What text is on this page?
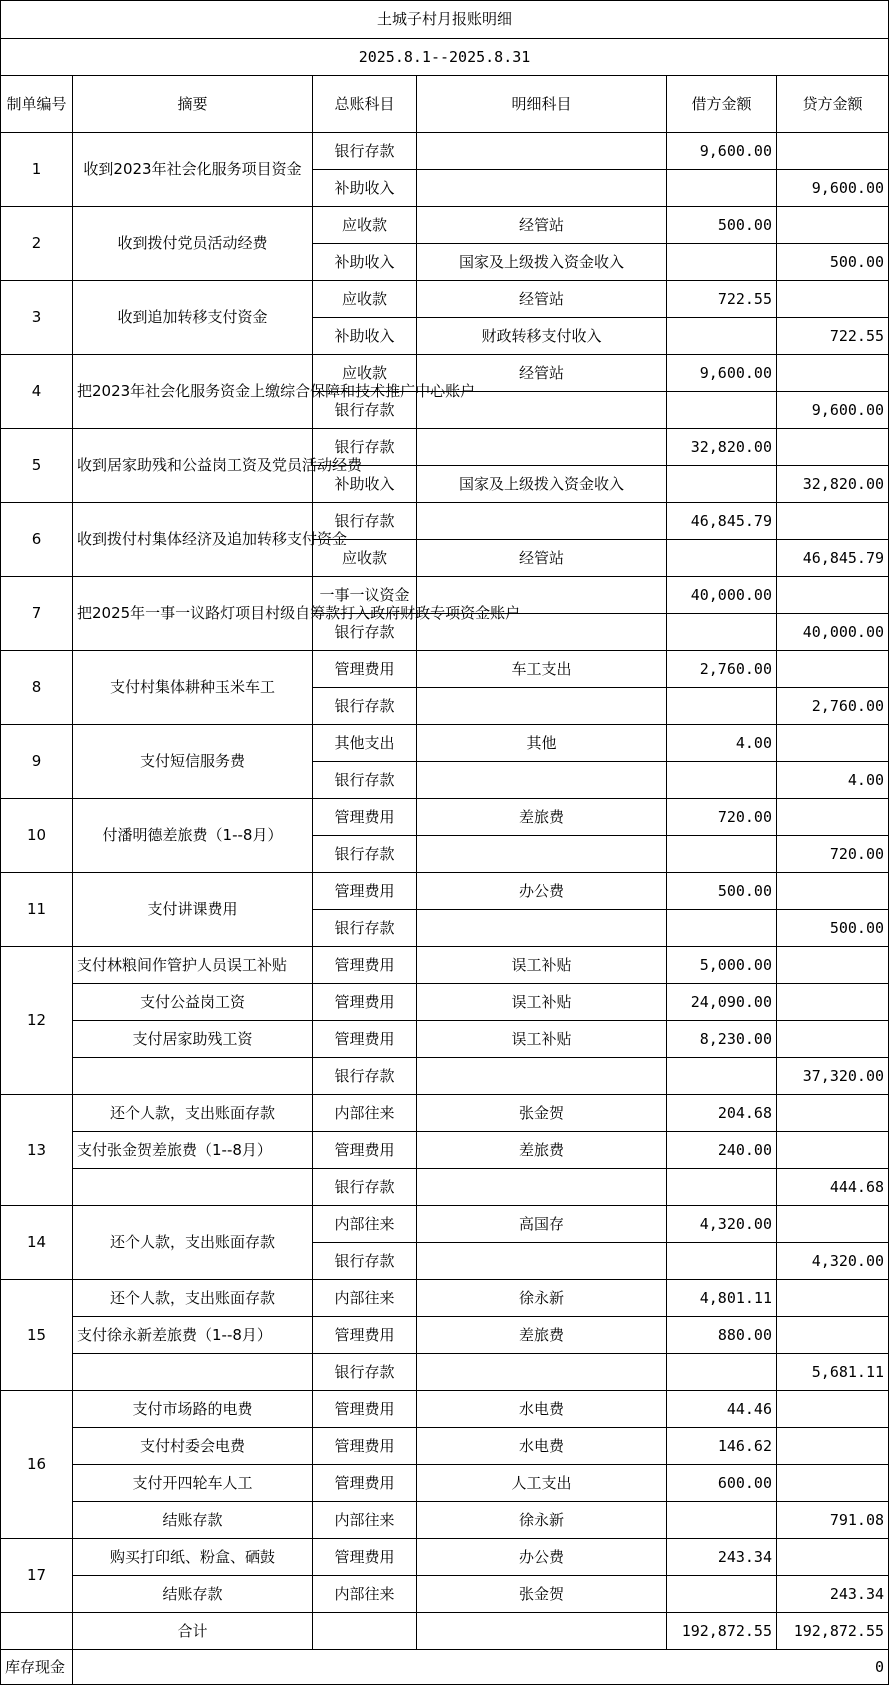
土城子村月报账明细					
2025.8.1--2025.8.31					
制单编号	摘要	总账科目	明细科目	借方金额	贷方金额
1	收到2023年社会化服务项目资金	银行存款		9,600.00	
		补助收入			9,600.00
2	收到拨付党员活动经费	应收款	经管站	500.00	
		补助收入	国家及上级拨入资金收入		500.00
3	收到追加转移支付资金	应收款	经管站	722.55	
		补助收入	财政转移支付收入		722.55
4	把2023年社会化服务资金上缴综合保障和技术推广中心账户	应收款	经管站	9,600.00	
		银行存款			9,600.00
5	收到居家助残和公益岗工资及党员活动经费	银行存款		32,820.00	
		补助收入	国家及上级拨入资金收入		32,820.00
6	收到拨付村集体经济及追加转移支付资金	银行存款		46,845.79	
		应收款	经管站		46,845.79
7	把2025年一事一议路灯项目村级自筹款打入政府财政专项资金账户	一事一议资金		40,000.00	
		银行存款			40,000.00
8	支付村集体耕种玉米车工	管理费用	车工支出	2,760.00	
		银行存款			2,760.00
9	支付短信服务费	其他支出	其他	4.00	
		银行存款			4.00
10	付潘明德差旅费（1--8月）	管理费用	差旅费	720.00	
		银行存款			720.00
11	支付讲课费用	管理费用	办公费	500.00	
		银行存款			500.00
12	支付林粮间作管护人员误工补贴	管理费用	误工补贴	5,000.00	
	支付公益岗工资	管理费用	误工补贴	24,090.00	
	支付居家助残工资	管理费用	误工补贴	8,230.00	
		银行存款			37,320.00
13	还个人款，支出账面存款	内部往来	张金贺	204.68	
	支付张金贺差旅费（1--8月）	管理费用	差旅费	240.00	
		银行存款			444.68
14	还个人款，支出账面存款	内部往来	高国存	4,320.00	
		银行存款			4,320.00
15	还个人款，支出账面存款	内部往来	徐永新	4,801.11	
	支付徐永新差旅费（1--8月）	管理费用	差旅费	880.00	
		银行存款			5,681.11
16	支付市场路的电费	管理费用	水电费	44.46	
	支付村委会电费	管理费用	水电费	146.62	
	支付开四轮车人工	管理费用	人工支出	600.00	
	结账存款	内部往来	徐永新		791.08
17	购买打印纸、粉盒、硒鼓	管理费用	办公费	243.34	
	结账存款	内部往来	张金贺		243.34
	合计			192,872.55	192,872.55
库存现金	0				
